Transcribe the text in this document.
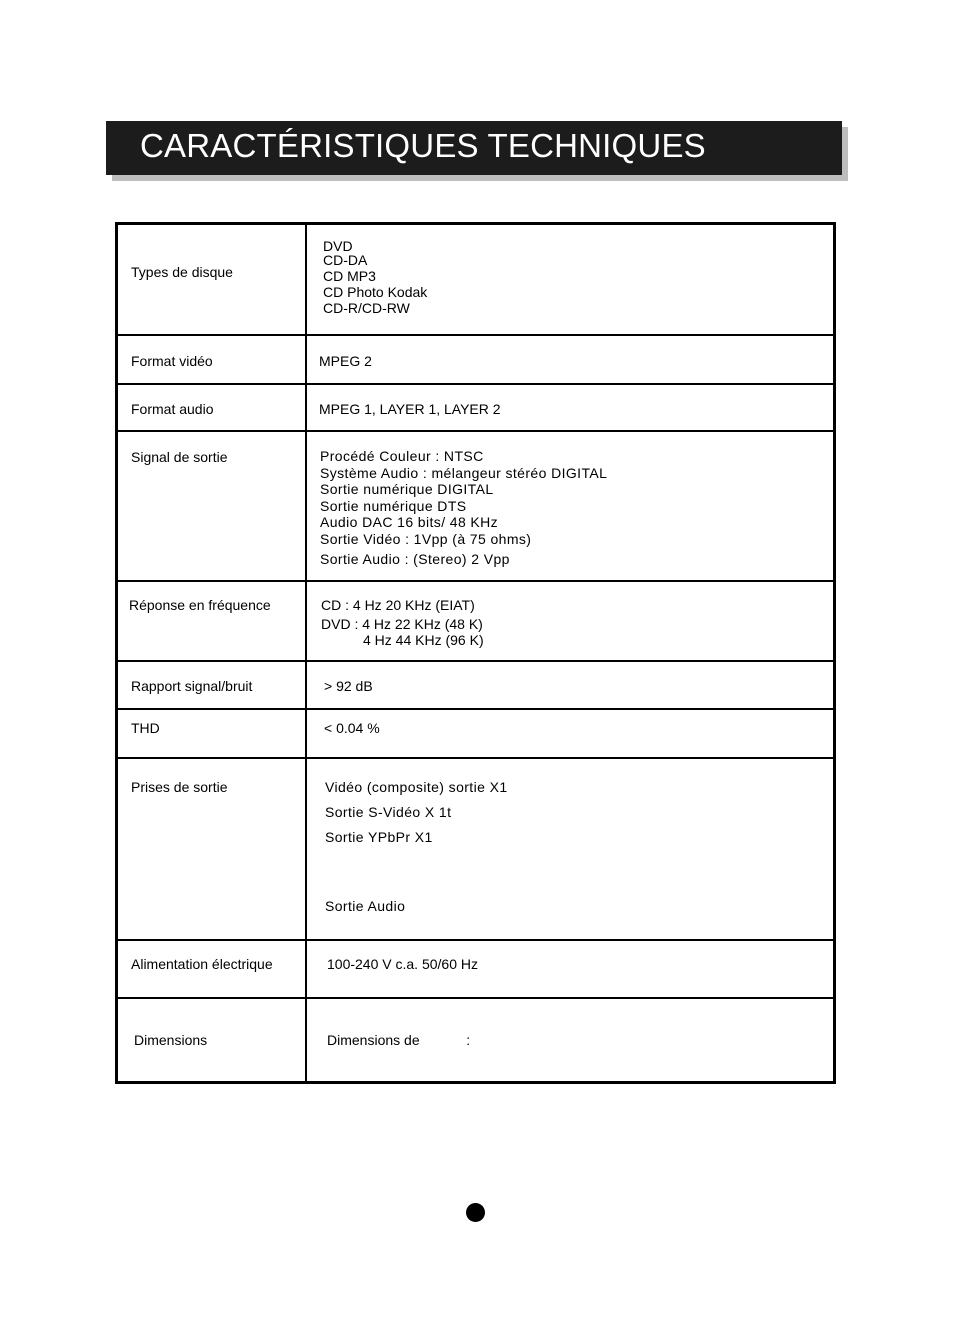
CARACTÉRISTIQUES TECHNIQUES
Types de disque
DVD
CD-DA
CD MP3
CD Photo Kodak
CD-R/CD-RW
Format vidéo	MPEG 2
Format audio	MPEG 1, LAYER 1, LAYER 2
Signal de sortie	Procédé Couleur : NTSC
Système Audio : mélangeur stéréo DIGITAL
Sortie numérique DIGITAL
Sortie numérique DTS
Audio DAC 16 bits/ 48 KHz
Sortie Vidéo : 1Vpp (à 75 ohms)
Sortie Audio : (Stereo) 2 Vpp
Réponse en fréquence	CD : 4 Hz 20 KHz (EIAT)
DVD : 4 Hz 22 KHz (48 K)
4 Hz 44 KHz (96 K)
Rapport signal/bruit	> 92 dB
THD	< 0.04 %
Prises de sortie	Vidéo (composite) sortie X1
Sortie S-Vidéo X 1t
Sortie YPbPr X1
Sortie Audio
Alimentation électrique	100-240 V c.a. 50/60 Hz
Dimensions	Dimensions de            :
